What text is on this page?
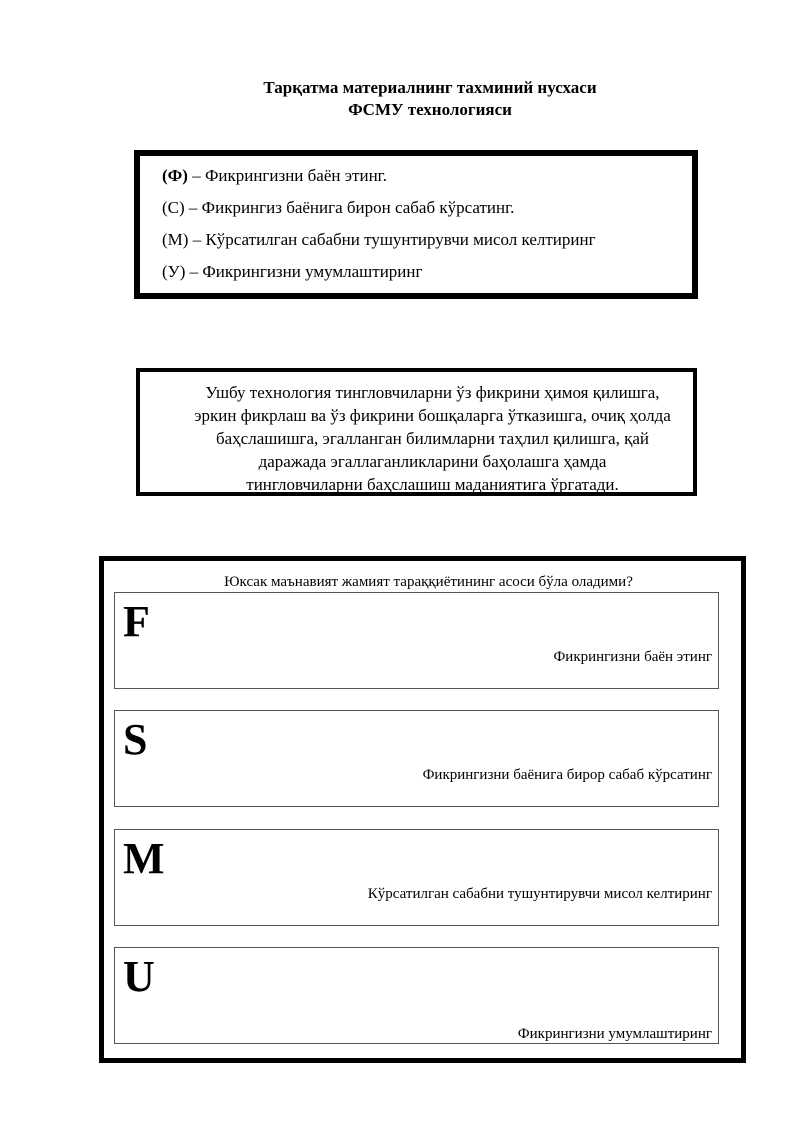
Тарқатма материалнинг тахминий нусхаси
ФСМУ технологияси
(Ф) – Фикрингизни баён этинг.
(С) – Фикрингиз баёнига бирон сабаб кўрсатинг.
(М) – Кўрсатилган сабабни тушунтирувчи мисол келтиринг
(У) – Фикрингизни умумлаштиринг
Ушбу технология тингловчиларни ўз фикрини ҳимоя қилишга,
эркин фикрлаш ва ўз фикрини бошқаларга ўтказишга, очиқ ҳолда
баҳслашишга, эгалланган билимларни таҳлил қилишга, қай
даражада эгаллаганликларини баҳолашга ҳамда
тингловчиларни баҳслашиш маданиятига ўргатади.
Юксак маънавият жамият тараққиётининг асоси бўла оладими?
F
Фикрингизни баён этинг
S
Фикрингизни баёнига бирор сабаб кўрсатинг
M
Кўрсатилган сабабни тушунтирувчи мисол келтиринг
U
Фикрингизни умумлаштиринг
